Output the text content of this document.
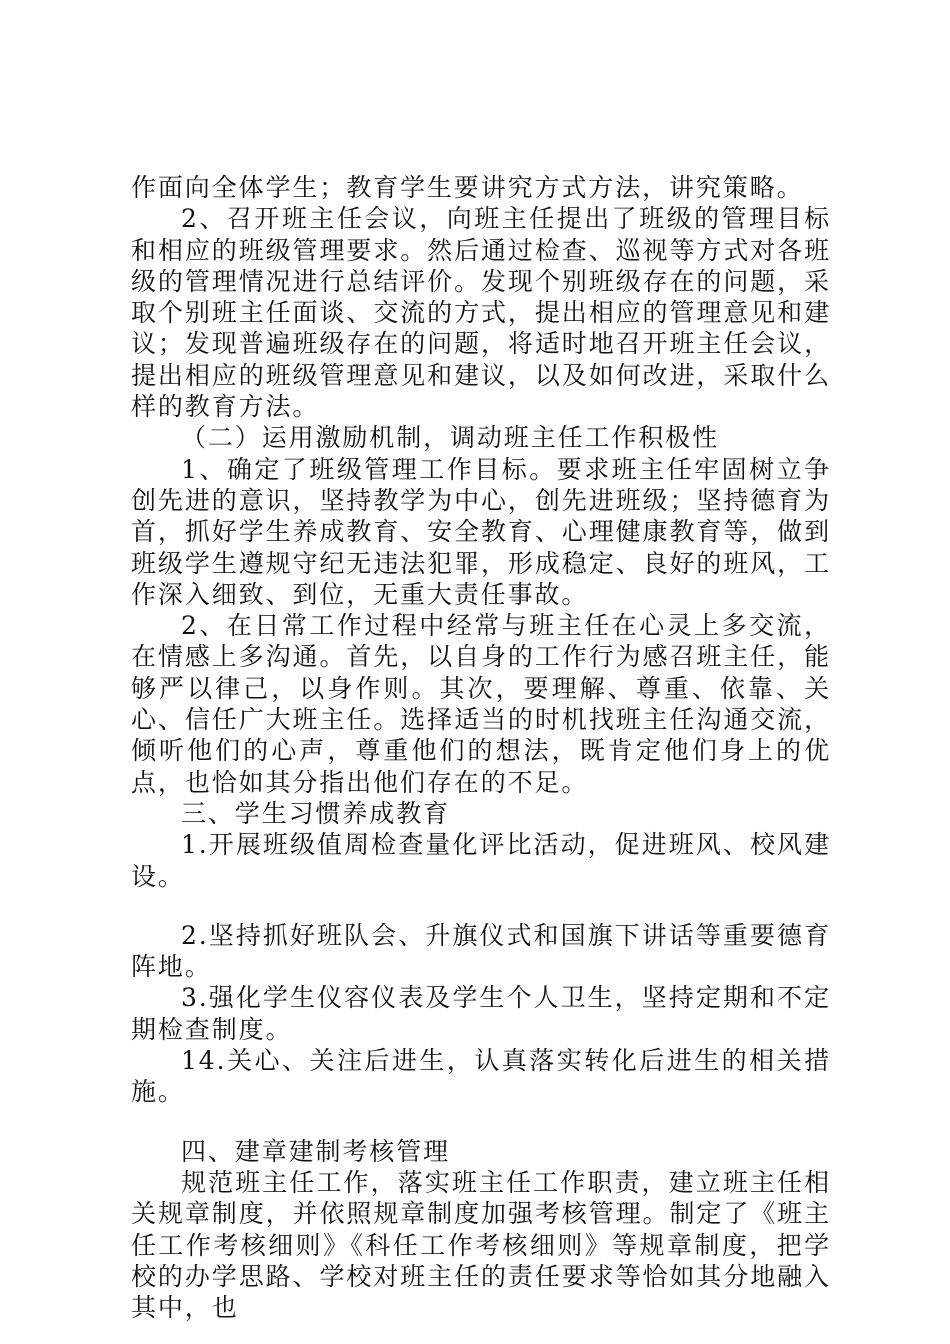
作面向全体学生；教育学生要讲究方式方法，讲究策略。

2、召开班主任会议，向班主任提出了班级的管理目标和相应的班级管理要求。然后通过检查、巡视等方式对各班级的管理情况进行总结评价。发现个别班级存在的问题，采取个别班主任面谈、交流的方式，提出相应的管理意见和建议；发现普遍班级存在的问题，将适时地召开班主任会议，提出相应的班级管理意见和建议，以及如何改进，采取什么样的教育方法。

（二）运用激励机制，调动班主任工作积极性

1、确定了班级管理工作目标。要求班主任牢固树立争创先进的意识，坚持教学为中心，创先进班级；坚持德育为首，抓好学生养成教育、安全教育、心理健康教育等，做到班级学生遵规守纪无违法犯罪，形成稳定、良好的班风，工作深入细致、到位，无重大责任事故。

2、在日常工作过程中经常与班主任在心灵上多交流，在情感上多沟通。首先，以自身的工作行为感召班主任，能够严以律己，以身作则。其次，要理解、尊重、依靠、关心、信任广大班主任。选择适当的时机找班主任沟通交流，倾听他们的心声，尊重他们的想法，既肯定他们身上的优点，也恰如其分指出他们存在的不足。

三、学生习惯养成教育

1.开展班级值周检查量化评比活动，促进班风、校风建设。

2.坚持抓好班队会、升旗仪式和国旗下讲话等重要德育阵地。

3.强化学生仪容仪表及学生个人卫生，坚持定期和不定期检查制度。

14.关心、关注后进生，认真落实转化后进生的相关措施。

四、建章建制考核管理

规范班主任工作，落实班主任工作职责，建立班主任相关规章制度，并依照规章制度加强考核管理。制定了《班主任工作考核细则》《科任工作考核细则》等规章制度，把学校的办学思路、学校对班主任的责任要求等恰如其分地融入其中，也
